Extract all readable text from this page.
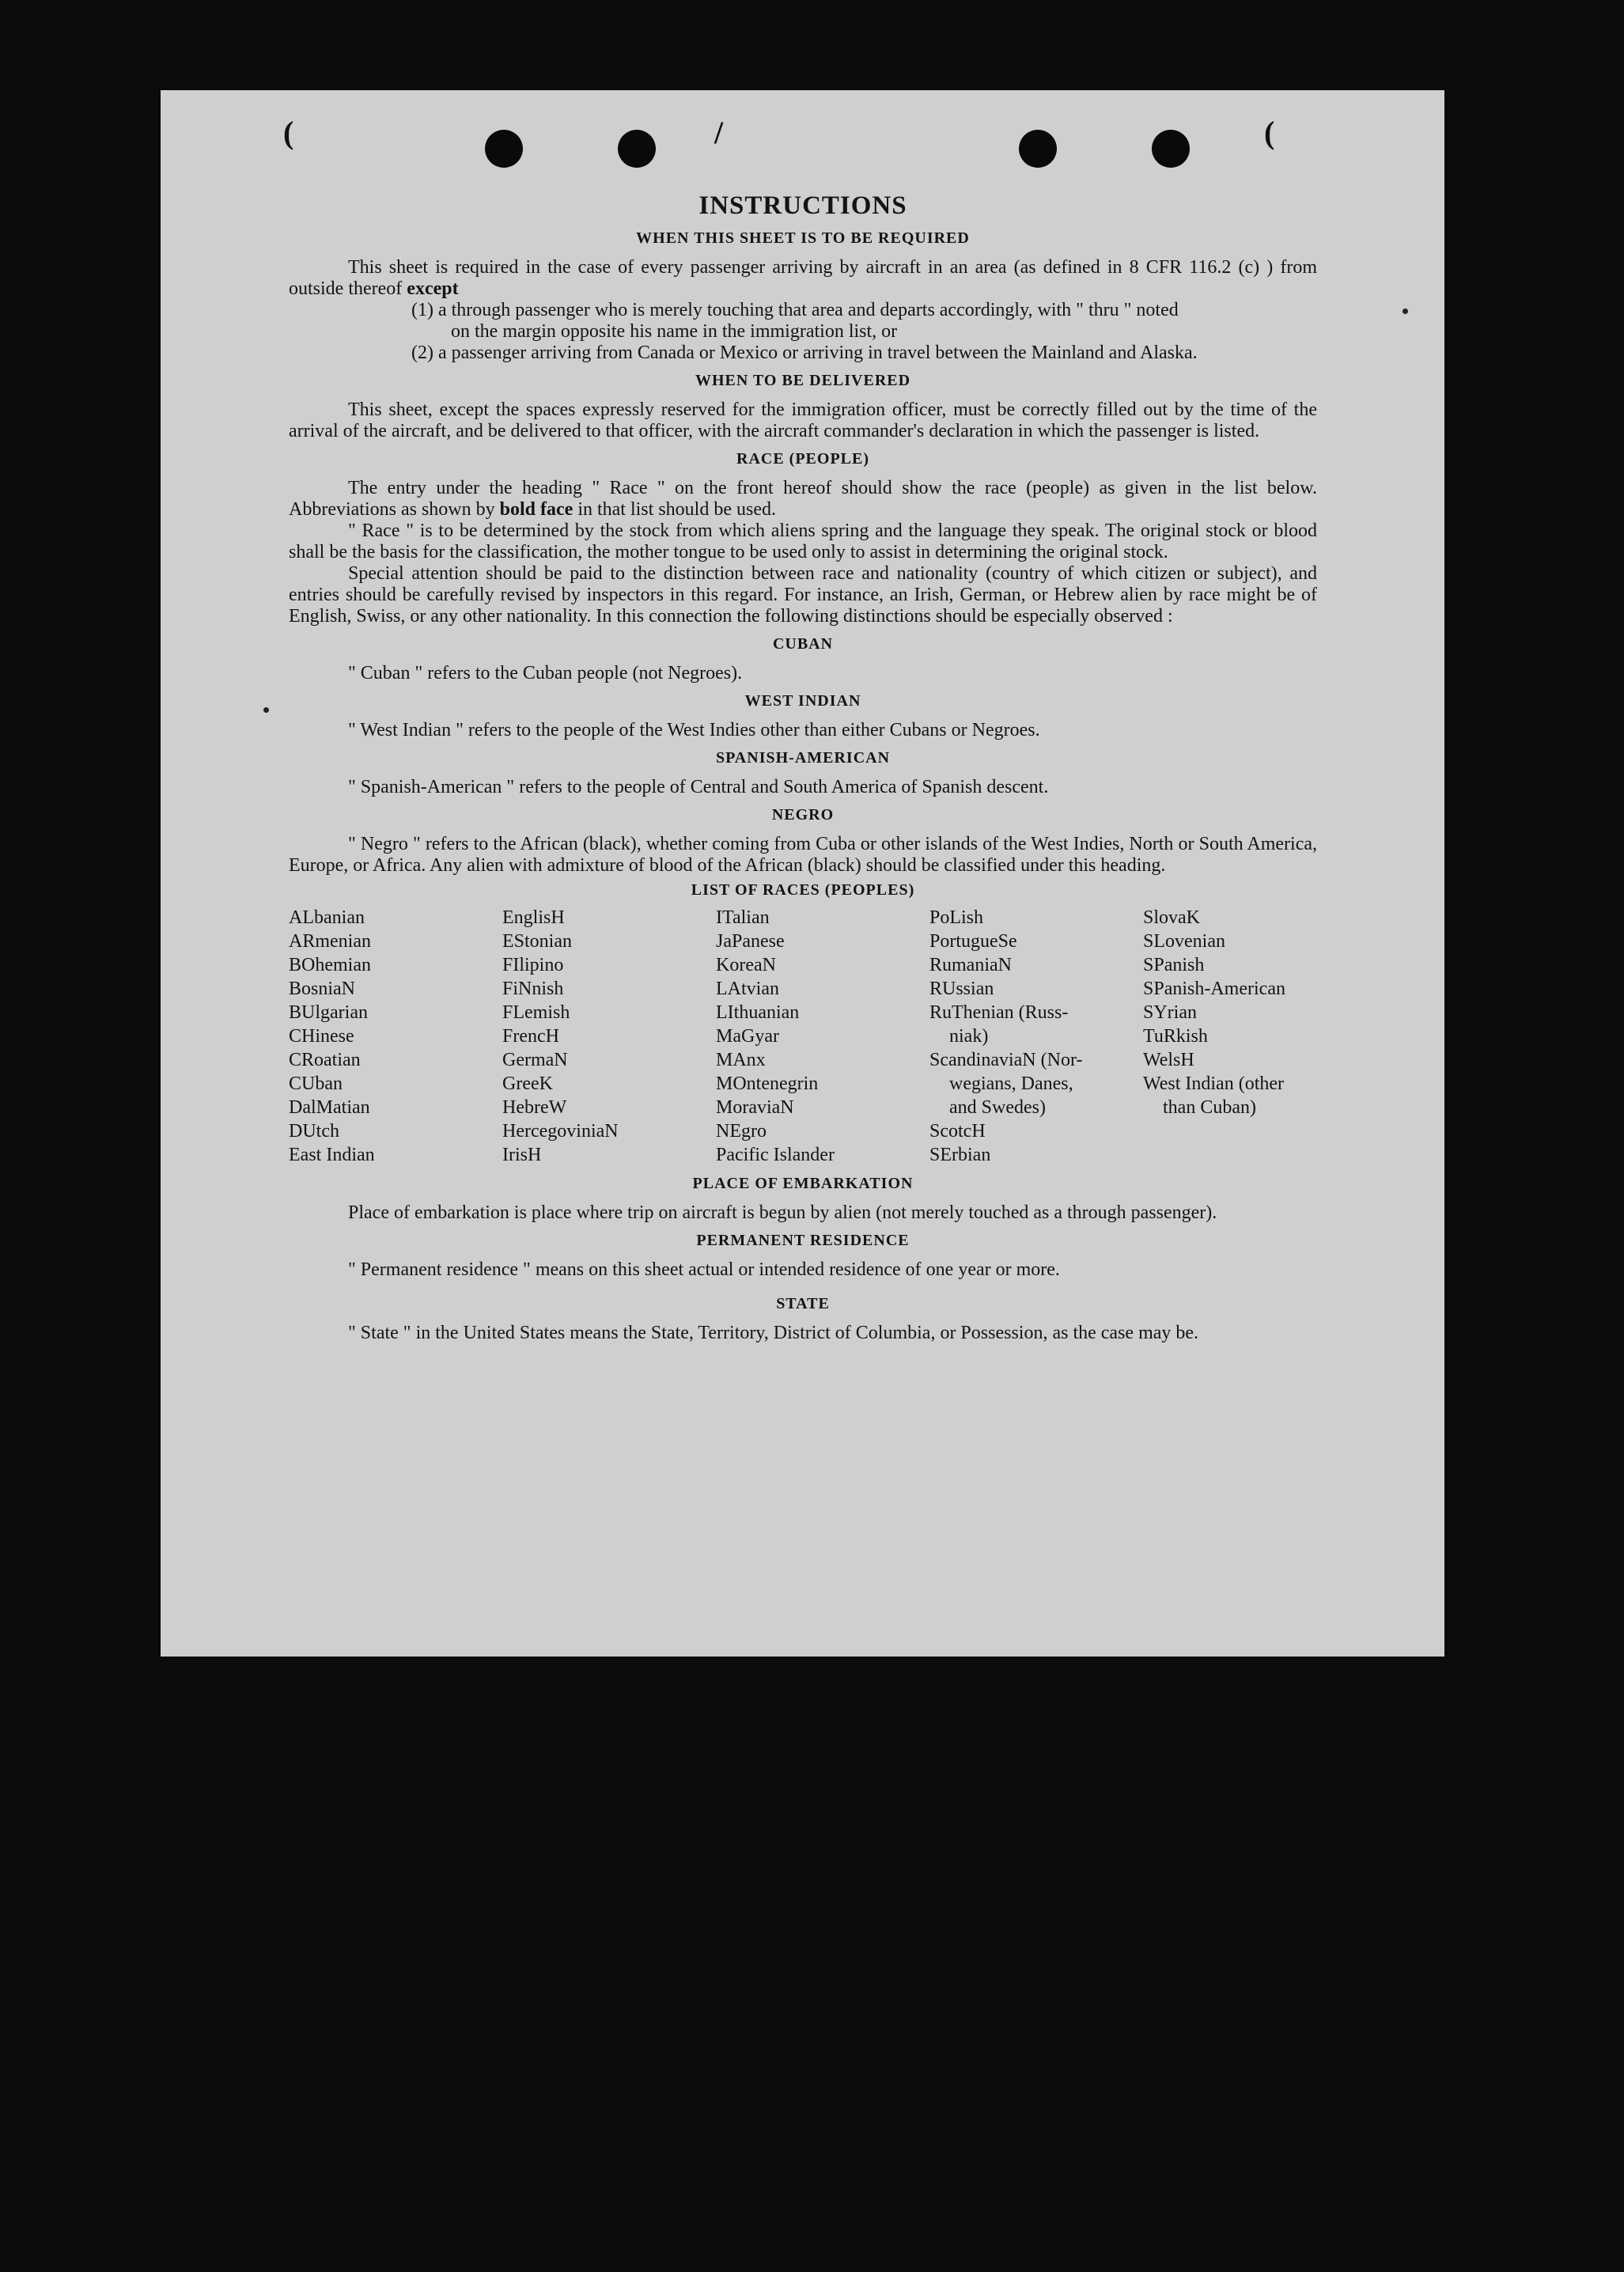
(	/	(
INSTRUCTIONS
WHEN THIS SHEET IS TO BE REQUIRED

This sheet is required in the case of every passenger arriving by aircraft in an area (as defined in 8 CFR 116.2 (c) ) from outside thereof except

(1) a through passenger who is merely touching that area and departs accordingly, with " thru " noted

on the margin opposite his name in the immigration list, or

(2) a passenger arriving from Canada or Mexico or arriving in travel between the Mainland and Alaska.

WHEN TO BE DELIVERED

This sheet, except the spaces expressly reserved for the immigration officer, must be correctly filled out by the time of the arrival of the aircraft, and be delivered to that officer, with the aircraft commander's declaration in which the passenger is listed.

RACE (PEOPLE)

The entry under the heading " Race " on the front hereof should show the race (people) as given in the list below. Abbreviations as shown by bold face in that list should be used.

" Race " is to be determined by the stock from which aliens spring and the language they speak. The original stock or blood shall be the basis for the classification, the mother tongue to be used only to assist in determining the original stock.

Special attention should be paid to the distinction between race and nationality (country of which citizen or subject), and entries should be carefully revised by inspectors in this regard. For instance, an Irish, German, or Hebrew alien by race might be of English, Swiss, or any other nationality. In this connection the following distinctions should be especially observed :

CUBAN

" Cuban " refers to the Cuban people (not Negroes).

WEST INDIAN

" West Indian " refers to the people of the West Indies other than either Cubans or Negroes.

SPANISH-AMERICAN

" Spanish-American " refers to the people of Central and South America of Spanish descent.

NEGRO

" Negro " refers to the African (black), whether coming from Cuba or other islands of the West Indies, North or South America, Europe, or Africa. Any alien with admixture of blood of the African (black) should be classified under this heading.

LIST OF RACES (PEOPLES)
ALbanian
ARmenian
BOhemian
BosniaN
BUlgarian
CHinese
CRoatian
CUban
DalMatian
DUtch
East Indian
EnglisH
EStonian
FIlipino
FiNnish
FLemish
FrencH
GermaN
GreeK
HebreW
HercegoviniaN
IrisH
ITalian
JaPanese
KoreaN
LAtvian
LIthuanian
MaGyar
MAnx
MOntenegrin
MoraviaN
NEgro
Pacific Islander
PoLish
PortugueSe
RumaniaN
RUssian
RuThenian (Russ-
niak)
ScandinaviaN (Nor-
wegians, Danes,
and Swedes)
ScotcH
SErbian
SlovaK
SLovenian
SPanish
SPanish-American
SYrian
TuRkish
WelsH
West Indian (other
than Cuban)
PLACE OF EMBARKATION

Place of embarkation is place where trip on aircraft is begun by alien (not merely touched as a through passenger).

PERMANENT RESIDENCE

" Permanent residence " means on this sheet actual or intended residence of one year or more.

STATE

" State " in the United States means the State, Territory, District of Columbia, or Possession, as the case may be.
